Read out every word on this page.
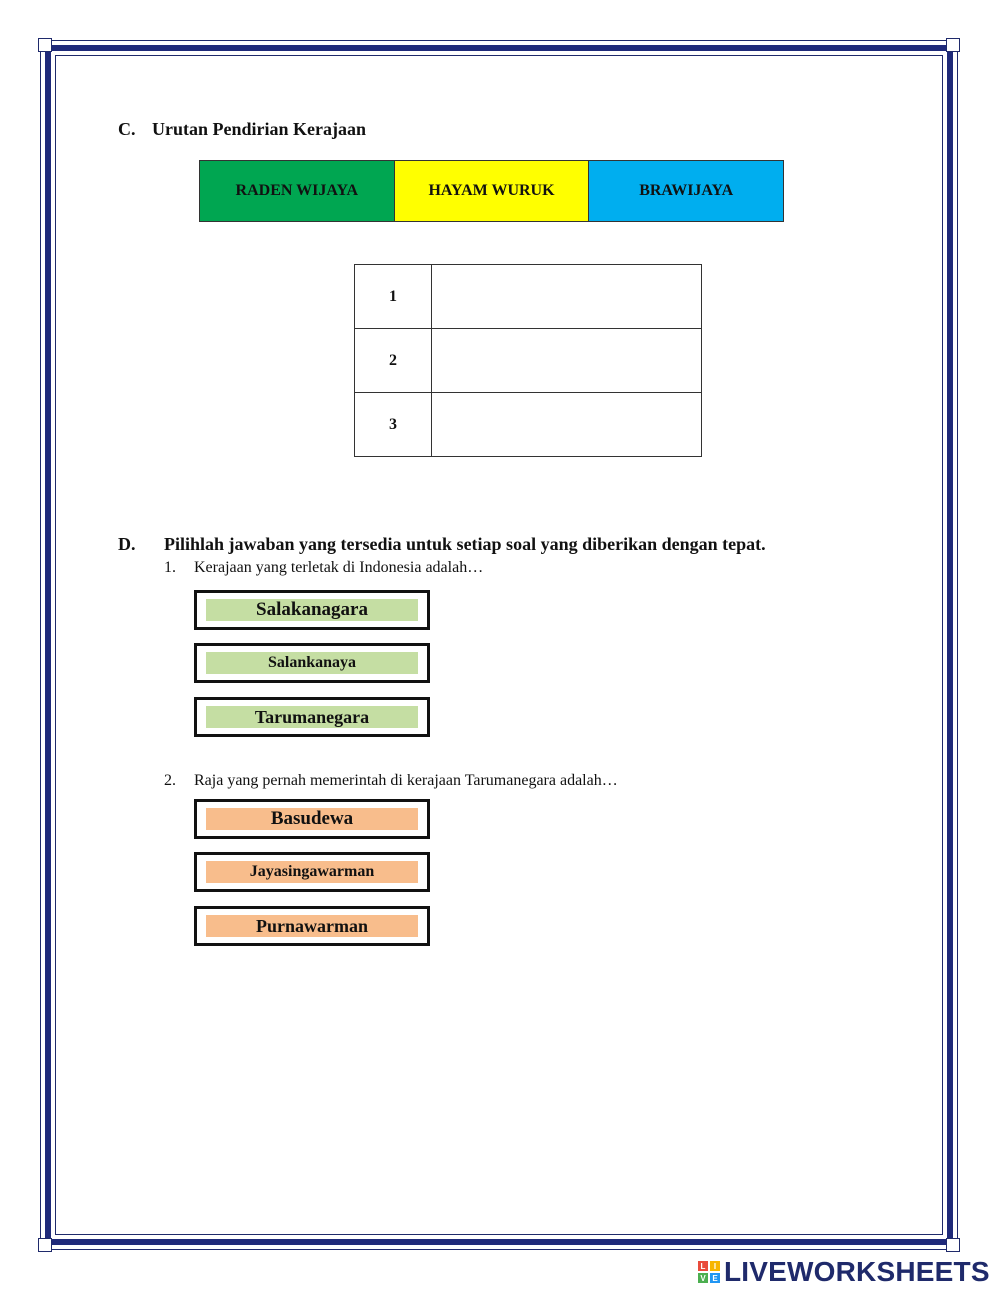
C. Urutan Pendirian Kerajaan
RADEN WIJAYA	HAYAM WURUK	BRAWIJAYA
1	
2	
3	
D. Pilihlah jawaban yang tersedia untuk setiap soal yang diberikan dengan tepat.
1. Kerajaan yang terletak di Indonesia adalah…
Salakanagara
Salankanaya
Tarumanegara
2. Raja yang pernah memerintah di kerajaan Tarumanegara adalah…
Basudewa
Jayasingawarman
Purnawarman
L	I
V E LIVEWORKSHEETS
